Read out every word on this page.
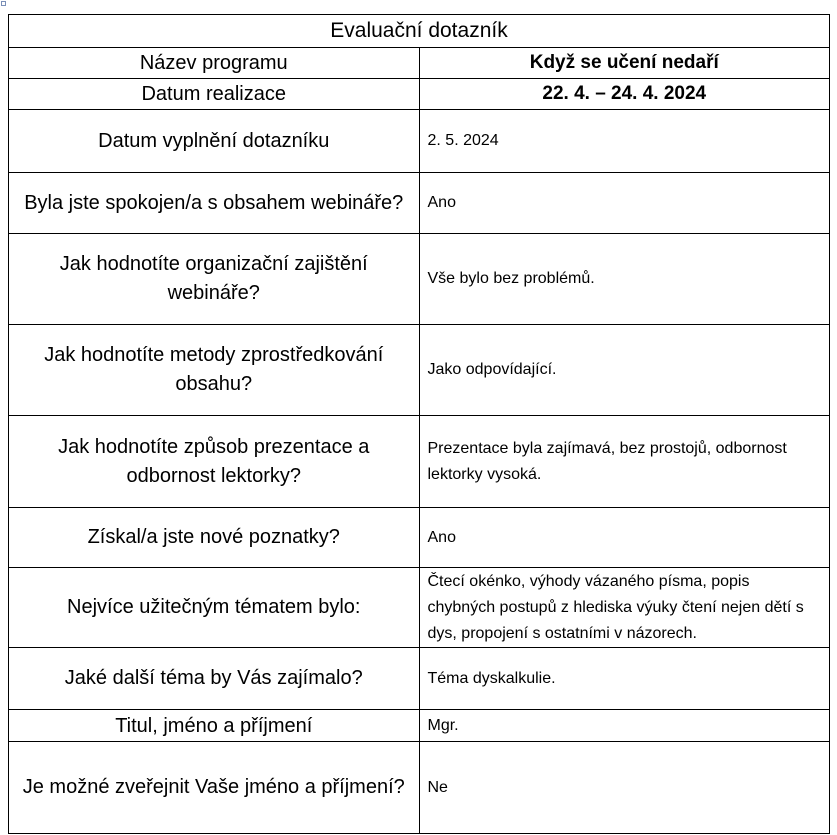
Evaluační dotazník	
Název programu	Když se učení nedaří
Datum realizace	22. 4. – 24. 4. 2024
Datum vyplnění dotazníku	2. 5. 2024
Byla jste spokojen/a s obsahem webináře?	Ano
Jak hodnotíte organizační zajištění webináře?	Vše bylo bez problémů.
Jak hodnotíte metody zprostředkování obsahu?	Jako odpovídající.
Jak hodnotíte způsob prezentace a odbornost lektorky?	Prezentace byla zajímavá, bez prostojů, odbornost lektorky vysoká.
Získal/a jste nové poznatky?	Ano
Nejvíce užitečným tématem bylo:	Čtecí okénko, výhody vázaného písma, popis chybných postupů z hlediska výuky čtení nejen dětí s dys, propojení s ostatními v názorech.
Jaké další téma by Vás zajímalo?	Téma dyskalkulie.
Titul, jméno a příjmení	Mgr.
Je možné zveřejnit Vaše jméno a příjmení?	Ne
